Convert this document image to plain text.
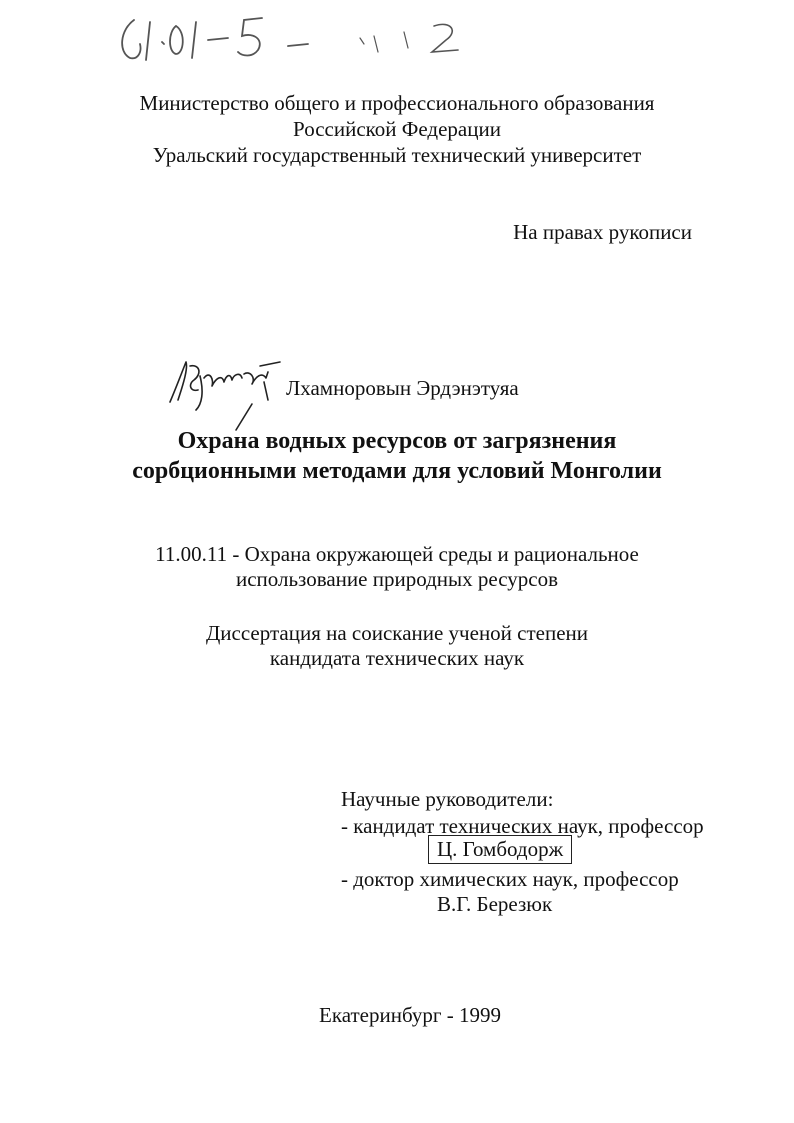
Министерство общего и профессионального образования
Российской Федерации
Уральский государственный технический университет
На правах рукописи
Лхамноровын Эрдэнэтуяа
Охрана водных ресурсов от загрязнения
сорбционными методами для условий Монголии
11.00.11 - Охрана окружающей среды и рациональное
использование природных ресурсов
Диссертация на соискание ученой степени
кандидата технических наук
Научные руководители:
- кандидат технических наук, профессор
Ц. Гомбодорж
- доктор химических наук, профессор
В.Г. Березюк
Екатеринбург - 1999
